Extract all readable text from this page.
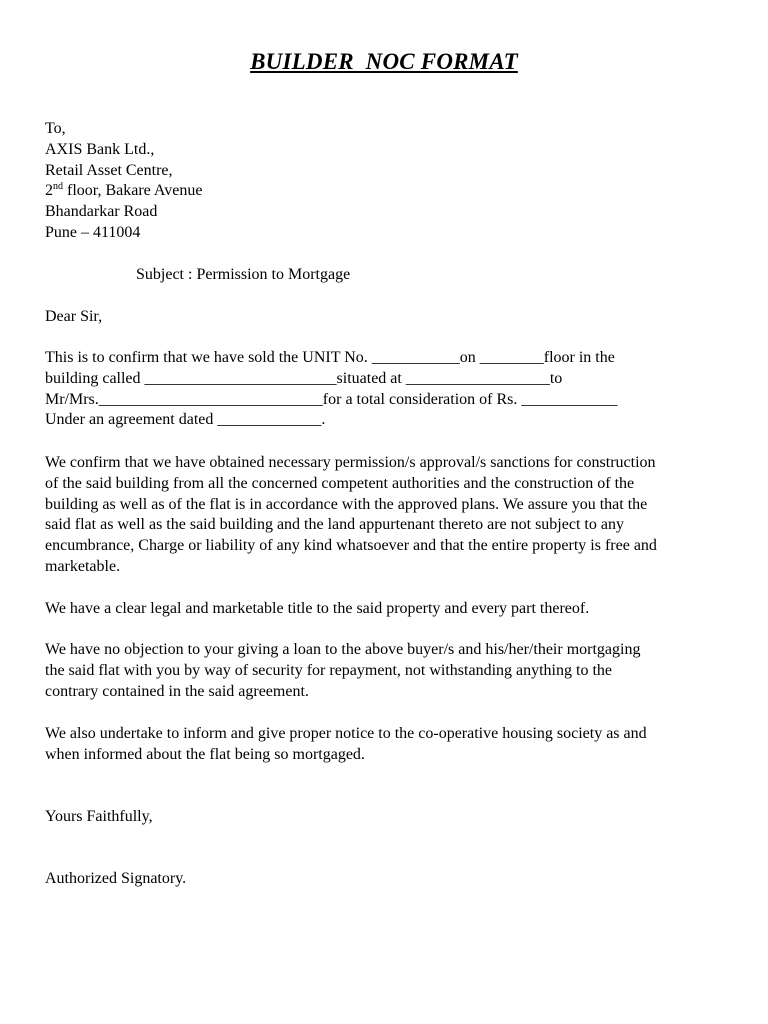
BUILDER  NOC FORMAT
To,
AXIS Bank Ltd.,
Retail Asset Centre,
2nd floor, Bakare Avenue
Bhandarkar Road
Pune – 411004
Subject : Permission to Mortgage
Dear Sir,
This is to confirm that we have sold the UNIT No. ___________on ________floor in the
building called ________________________situated at __________________to
Mr/Mrs.____________________________for a total consideration of Rs. ____________
Under an agreement dated _____________.
We confirm that we have obtained necessary permission/s approval/s sanctions for construction
of the said building from all the concerned competent authorities and the construction of the
building as well as of the flat is in accordance with the approved plans. We assure you that the
said flat as well as the said building and the land appurtenant thereto are not subject to any
encumbrance, Charge or liability of any kind whatsoever and that the entire property is free and
marketable.
We have a clear legal and marketable title to the said property and every part thereof.
We have no objection to your giving a loan to the above buyer/s and his/her/their mortgaging
the said flat with you by way of security for repayment, not withstanding anything to the
contrary contained in the said agreement.
We also undertake to inform and give proper notice to the co-operative housing society as and
when informed about the flat being so mortgaged.
Yours Faithfully,
Authorized Signatory.
